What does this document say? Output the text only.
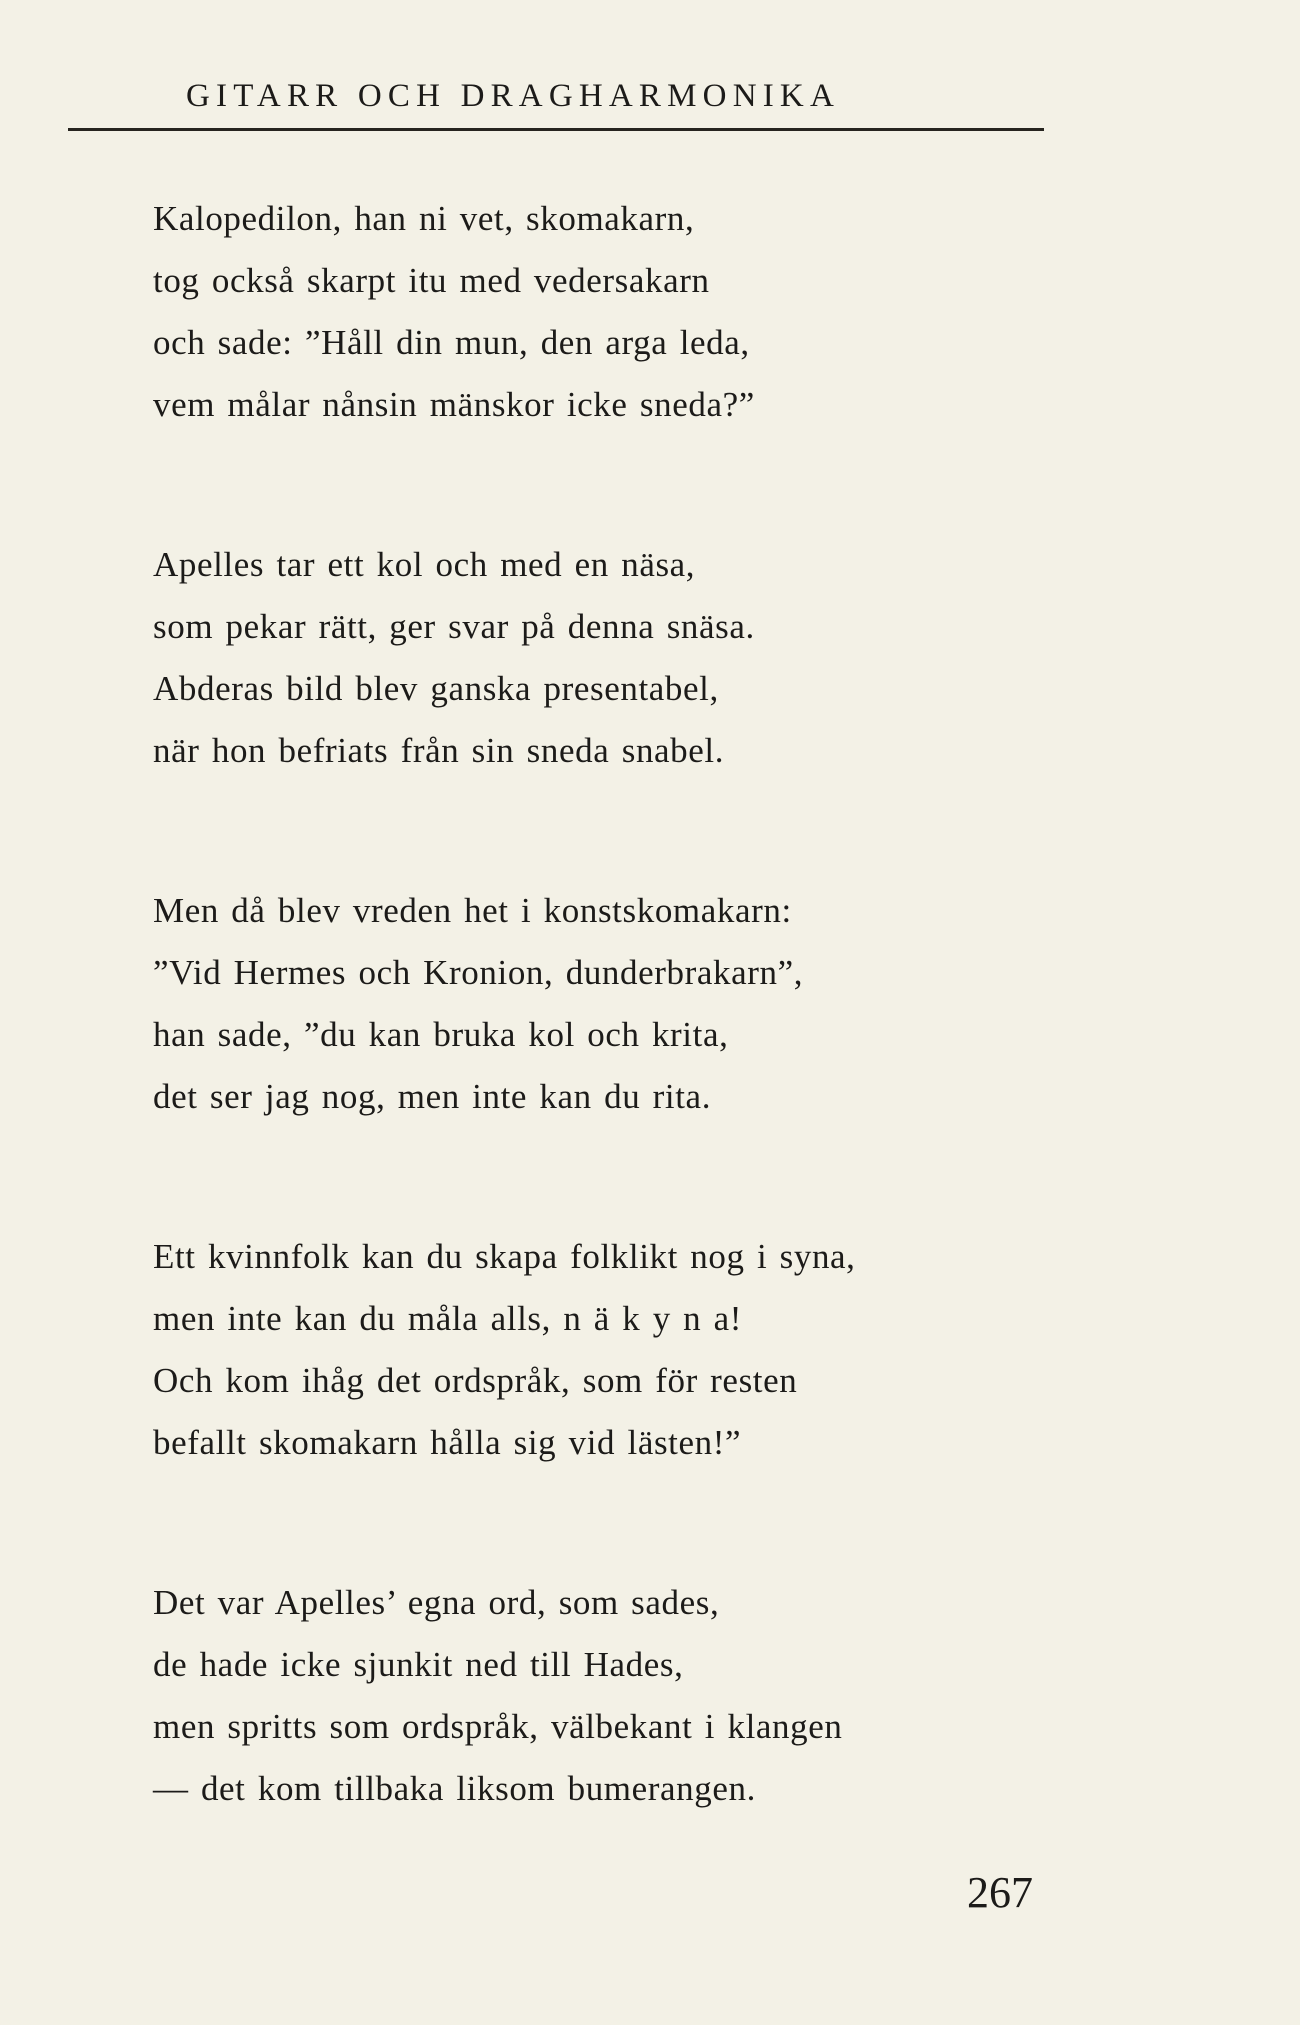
GITARR OCH DRAGHARMONIKA
Kalopedilon, han ni vet, skomakarn,
tog också skarpt itu med vedersakarn
och sade: ”Håll din mun, den arga leda,
vem målar nånsin mänskor icke sneda?”
Apelles tar ett kol och med en näsa,
som pekar rätt, ger svar på denna snäsa.
Abderas bild blev ganska presentabel,
när hon befriats från sin sneda snabel.
Men då blev vreden het i konstskomakarn:
”Vid Hermes och Kronion, dunderbrakarn”,
han sade, ”du kan bruka kol och krita,
det ser jag nog, men inte kan du rita.
Ett kvinnfolk kan du skapa folklikt nog i syna,
men inte kan du måla alls, n ä k y n a!
Och kom ihåg det ordspråk, som för resten
befallt skomakarn hålla sig vid lästen!”
Det var Apelles’ egna ord, som sades,
de hade icke sjunkit ned till Hades,
men spritts som ordspråk, välbekant i klangen
— det kom tillbaka liksom bumerangen.
267
